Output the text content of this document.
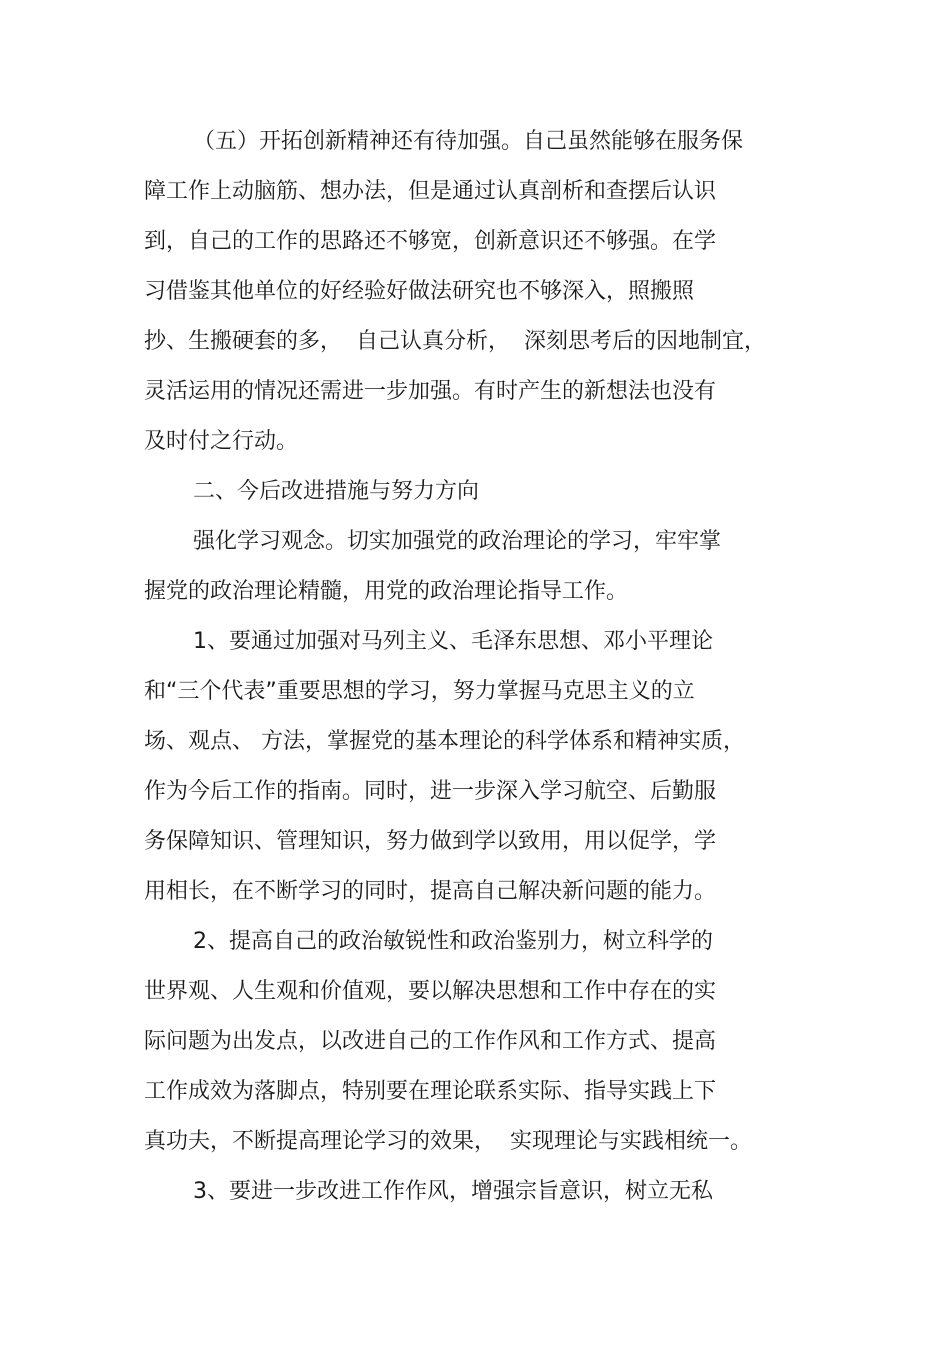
（五）开拓创新精神还有待加强。自己虽然能够在服务保

障工作上动脑筋、想办法，但是通过认真剖析和查摆后认识

到，自己的工作的思路还不够宽，创新意识还不够强。在学

习借鉴其他单位的好经验好做法研究也不够深入，照搬照

抄、生搬硬套的多，  自己认真分析，  深刻思考后的因地制宜，

灵活运用的情况还需进一步加强。有时产生的新想法也没有

及时付之行动。

二、今后改进措施与努力方向

强化学习观念。切实加强党的政治理论的学习，牢牢掌

握党的政治理论精髓，用党的政治理论指导工作。

1、要通过加强对马列主义、毛泽东思想、邓小平理论

和“三个代表”重要思想的学习，努力掌握马克思主义的立

场、观点、 方法，掌握党的基本理论的科学体系和精神实质，

作为今后工作的指南。同时，进一步深入学习航空、后勤服

务保障知识、管理知识，努力做到学以致用，用以促学，学

用相长，在不断学习的同时，提高自己解决新问题的能力。

2、提高自己的政治敏锐性和政治鉴别力，树立科学的

世界观、人生观和价值观，要以解决思想和工作中存在的实

际问题为出发点，以改进自己的工作作风和工作方式、提高

工作成效为落脚点，特别要在理论联系实际、指导实践上下

真功夫，不断提高理论学习的效果，  实现理论与实践相统一。

3、要进一步改进工作作风，增强宗旨意识，树立无私
